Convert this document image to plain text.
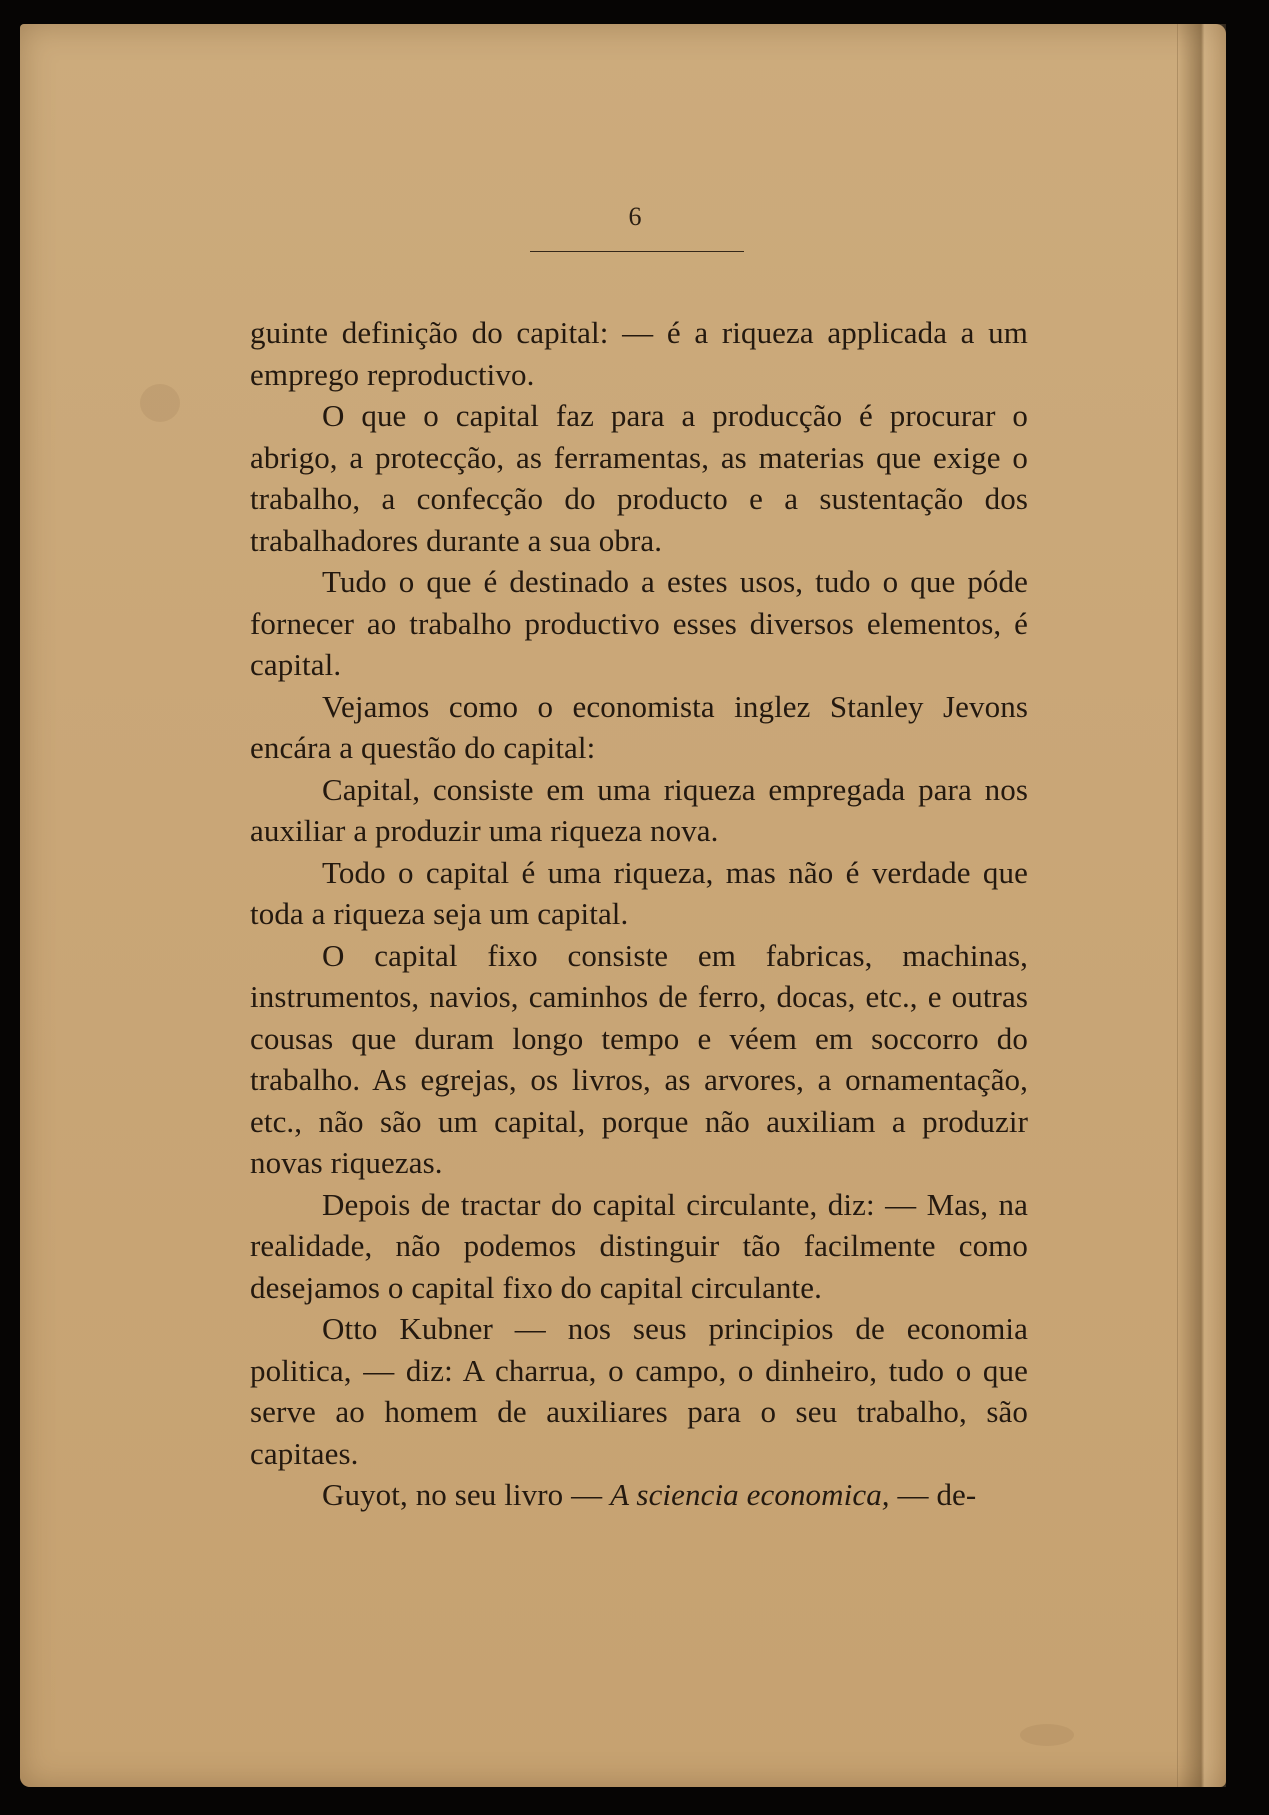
6

guinte definição do capital: — é a riqueza applicada a um emprego reproductivo.

O que o capital faz para a producção é procurar o abrigo, a protecção, as ferramentas, as materias que exige o trabalho, a confecção do producto e a sustentação dos trabalhadores durante a sua obra.

Tudo o que é destinado a estes usos, tudo o que póde fornecer ao trabalho productivo esses diversos elementos, é capital.

Vejamos como o economista inglez Stanley Jevons encára a questão do capital:

Capital, consiste em uma riqueza empregada para nos auxiliar a produzir uma riqueza nova.

Todo o capital é uma riqueza, mas não é verdade que toda a riqueza seja um capital.

O capital fixo consiste em fabricas, machinas, instrumentos, navios, caminhos de ferro, docas, etc., e outras cousas que duram longo tempo e véem em soccorro do trabalho. As egrejas, os livros, as arvores, a ornamentação, etc., não são um capital, porque não auxiliam a produzir novas riquezas.

Depois de tractar do capital circulante, diz: — Mas, na realidade, não podemos distinguir tão facilmente como desejamos o capital fixo do capital circulante.

Otto Kubner — nos seus principios de economia politica, — diz: A charrua, o campo, o dinheiro, tudo o que serve ao homem de auxiliares para o seu trabalho, são capitaes.

Guyot, no seu livro — A sciencia economica, — de-
